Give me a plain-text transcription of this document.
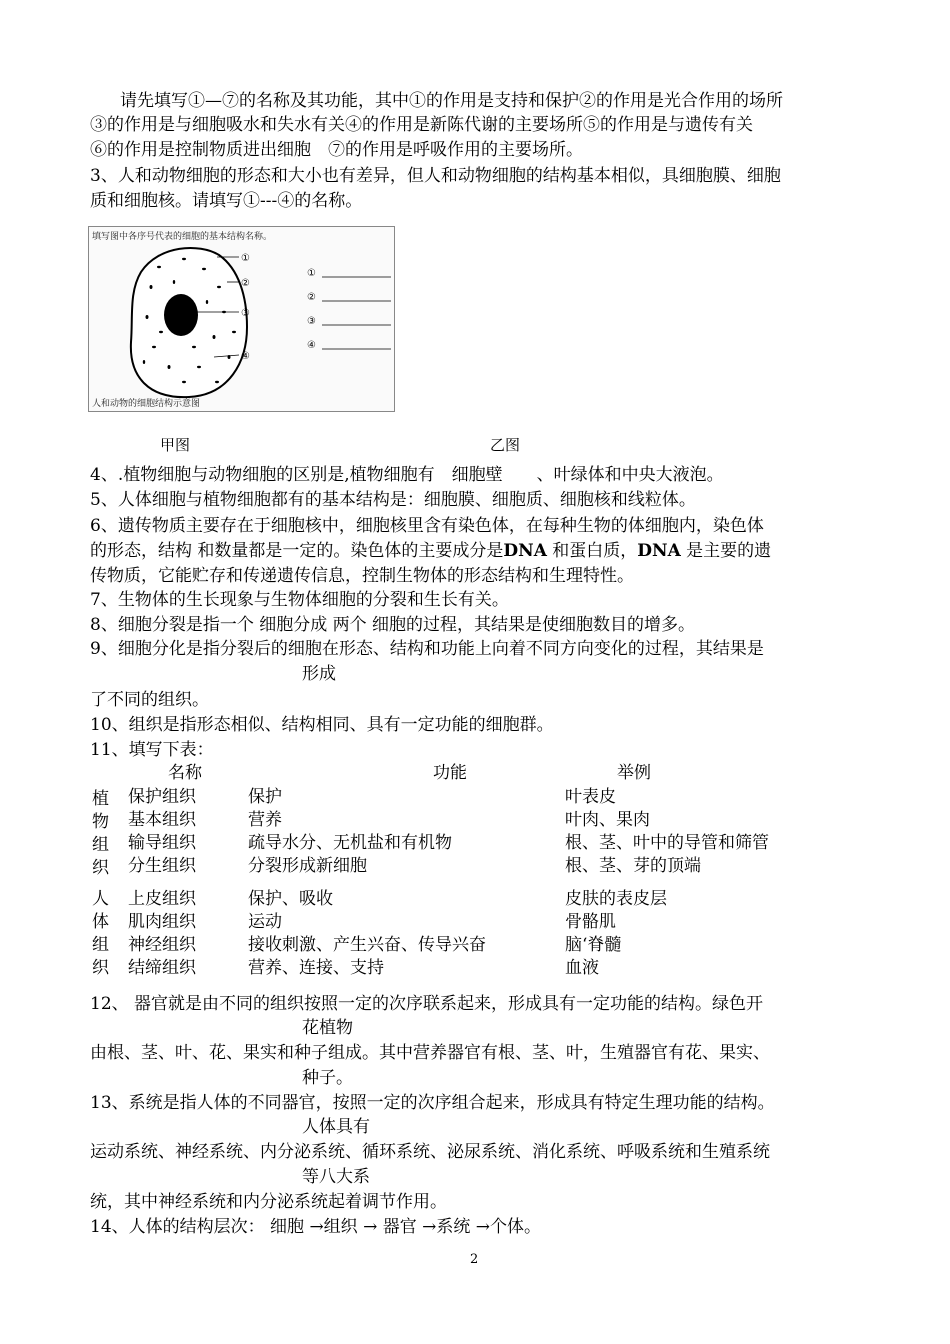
请先填写①—⑦的名称及其功能，其中①的作用是支持和保护②的作用是光合作用的场所
③的作用是与细胞吸水和失水有关④的作用是新陈代谢的主要场所⑤的作用是与遗传有关
⑥的作用是控制物质进出细胞　⑦的作用是呼吸作用的主要场所。
3、人和动物细胞的形态和大小也有差异，但人和动物细胞的结构基本相似，具细胞膜、细胞
质和细胞核。请填写①---④的名称。
填写图中各序号代表的细胞的基本结构名称。
①
②
③
④
①
②
③
④
人和动物的细胞结构示意图
甲图	乙图
4、.植物细胞与动物细胞的区别是,植物细胞有　细胞壁　　、叶绿体和中央大液泡。
5、人体细胞与植物细胞都有的基本结构是：细胞膜、细胞质、细胞核和线粒体。
6、遗传物质主要存在于细胞核中，细胞核里含有染色体，在每种生物的体细胞内，染色体
的形态，结构 和数量都是一定的。染色体的主要成分是DNA 和蛋白质，DNA 是主要的遗
传物质，它能贮存和传递遗传信息，控制生物体的形态结构和生理特性。
7、生物体的生长现象与生物体细胞的分裂和生长有关。
8、细胞分裂是指一个 细胞分成 两个 细胞的过程，其结果是使细胞数目的增多。
9、细胞分化是指分裂后的细胞在形态、结构和功能上向着不同方向变化的过程，其结果是
形成
了不同的组织。
10、组织是指形态相似、结构相同、具有一定功能的细胞群。
11、填写下表：
名称	功能	举例
植物组织
人体组织
保护组织	保护	叶表皮
基本组织	营养	叶肉、果肉
输导组织	疏导水分、无机盐和有机物	根、茎、叶中的导管和筛管
分生组织	分裂形成新细胞	根、茎、芽的顶端
上皮组织	保护、吸收	皮肤的表皮层
肌肉组织	运动	骨骼肌
神经组织	接收刺激、产生兴奋、传导兴奋	脑‘脊髓
结缔组织	营养、连接、支持	血液
12、 器官就是由不同的组织按照一定的次序联系起来，形成具有一定功能的结构。绿色开
花植物
由根、茎、叶、花、果实和种子组成。其中营养器官有根、茎、叶，生殖器官有花、果实、
种子。
13、系统是指人体的不同器官，按照一定的次序组合起来，形成具有特定生理功能的结构。
人体具有
运动系统、神经系统、内分泌系统、循环系统、泌尿系统、消化系统、呼吸系统和生殖系统
等八大系
统，其中神经系统和内分泌系统起着调节作用。
14、人体的结构层次： 细胞 →组织 → 器官 →系统 →个体。
2
